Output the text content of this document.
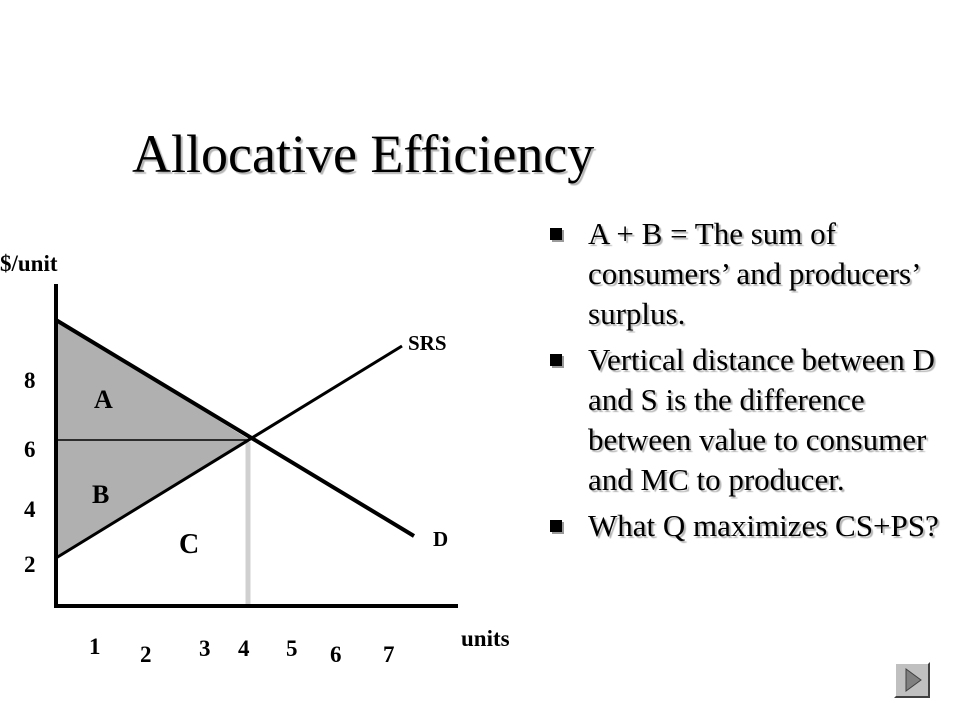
Allocative Efficiency
$/unit
units
8
6
4
2
1 2 3 4 5 6 7
SRS
D
A
B
C
A + B = The sum of consumers’ and producers’ surplus.
Vertical distance between D and S is the difference between value to consumer and MC to producer.
What Q maximizes CS+PS?
